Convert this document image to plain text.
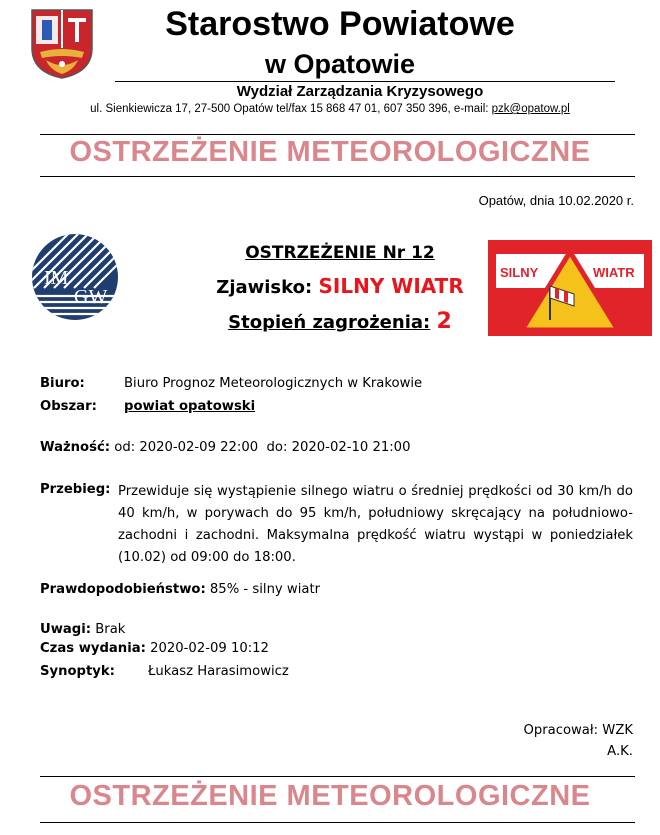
Starostwo Powiatowe
w Opatowie
Wydział Zarządzania Kryzysowego
ul. Sienkiewicza 17, 27-500 Opatów tel/fax 15 868 47 01, 607 350 396, e-mail: pzk@opatow.pl
OSTRZEŻENIE METEOROLOGICZNE
Opatów, dnia 10.02.2020 r.
IM
GW
OSTRZEŻENIE Nr 12
Zjawisko: SILNY WIATR
Stopień zagrożenia: 2
SILNY	WIATR
Biuro:	Biuro Prognoz Meteorologicznych w Krakowie
Obszar: powiat opatowski
Ważność: od: 2020-02-09 22:00  do: 2020-02-10 21:00
Przebieg: Przewiduje się wystąpienie silnego wiatru o średniej prędkości od 30 km/h do 40 km/h, w porywach do 95 km/h, południowy skręcający na południowo-zachodni i zachodni. Maksymalna prędkość wiatru wystąpi w poniedziałek (10.02) od 09:00 do 18:00.
Prawdopodobieństwo: 85% - silny wiatr
Uwagi: Brak
Czas wydania: 2020-02-09 10:12
Synoptyk:	Łukasz Harasimowicz
Opracował: WZK
A.K.
OSTRZEŻENIE METEOROLOGICZNE
